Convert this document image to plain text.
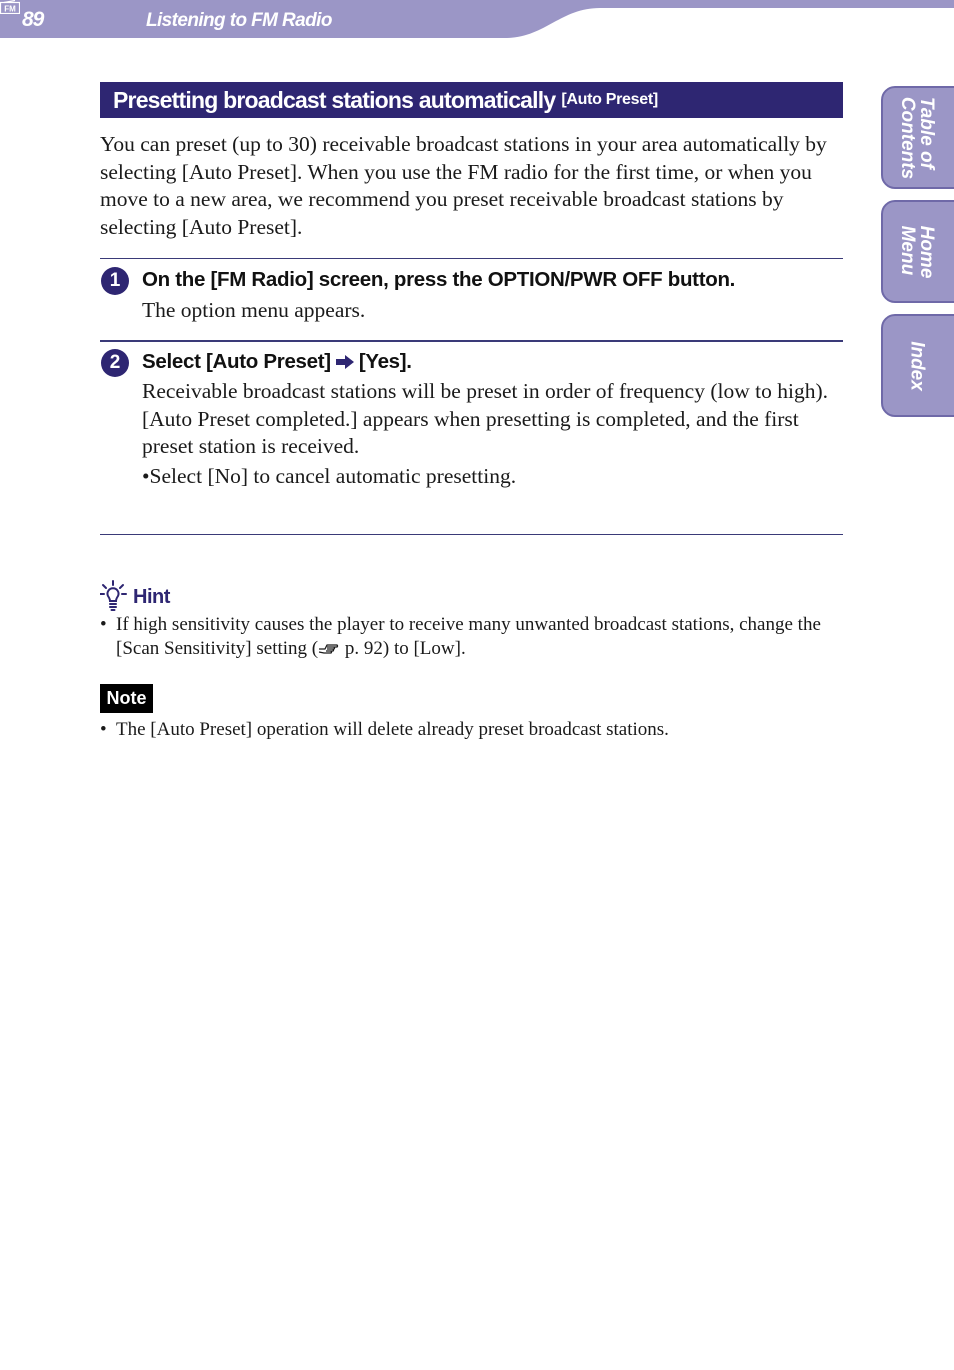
89
FM
Listening to FM Radio
Table of
Contents
Home
Menu
Index
Presetting broadcast stations automatically [Auto Preset]

You can preset (up to 30) receivable broadcast stations in your area automatically by selecting [Auto Preset]. When you use the FM radio for the first time, or when you move to a new area, we recommend you preset receivable broadcast stations by selecting [Auto Preset].

1	On the [FM Radio] screen, press the OPTION/PWR OFF button.

The option menu appears.

2	Select [Auto Preset] [Yes].
Receivable broadcast stations will be preset in order of frequency (low to high).
[Auto Preset completed.] appears when presetting is completed, and the first preset station is received.
•Select [No] to cancel automatic presetting.
Hint
• If high sensitivity causes the player to receive many unwanted broadcast stations, change the [Scan Sensitivity] setting ( p. 92) to [Low].
Note
• The [Auto Preset] operation will delete already preset broadcast stations.
